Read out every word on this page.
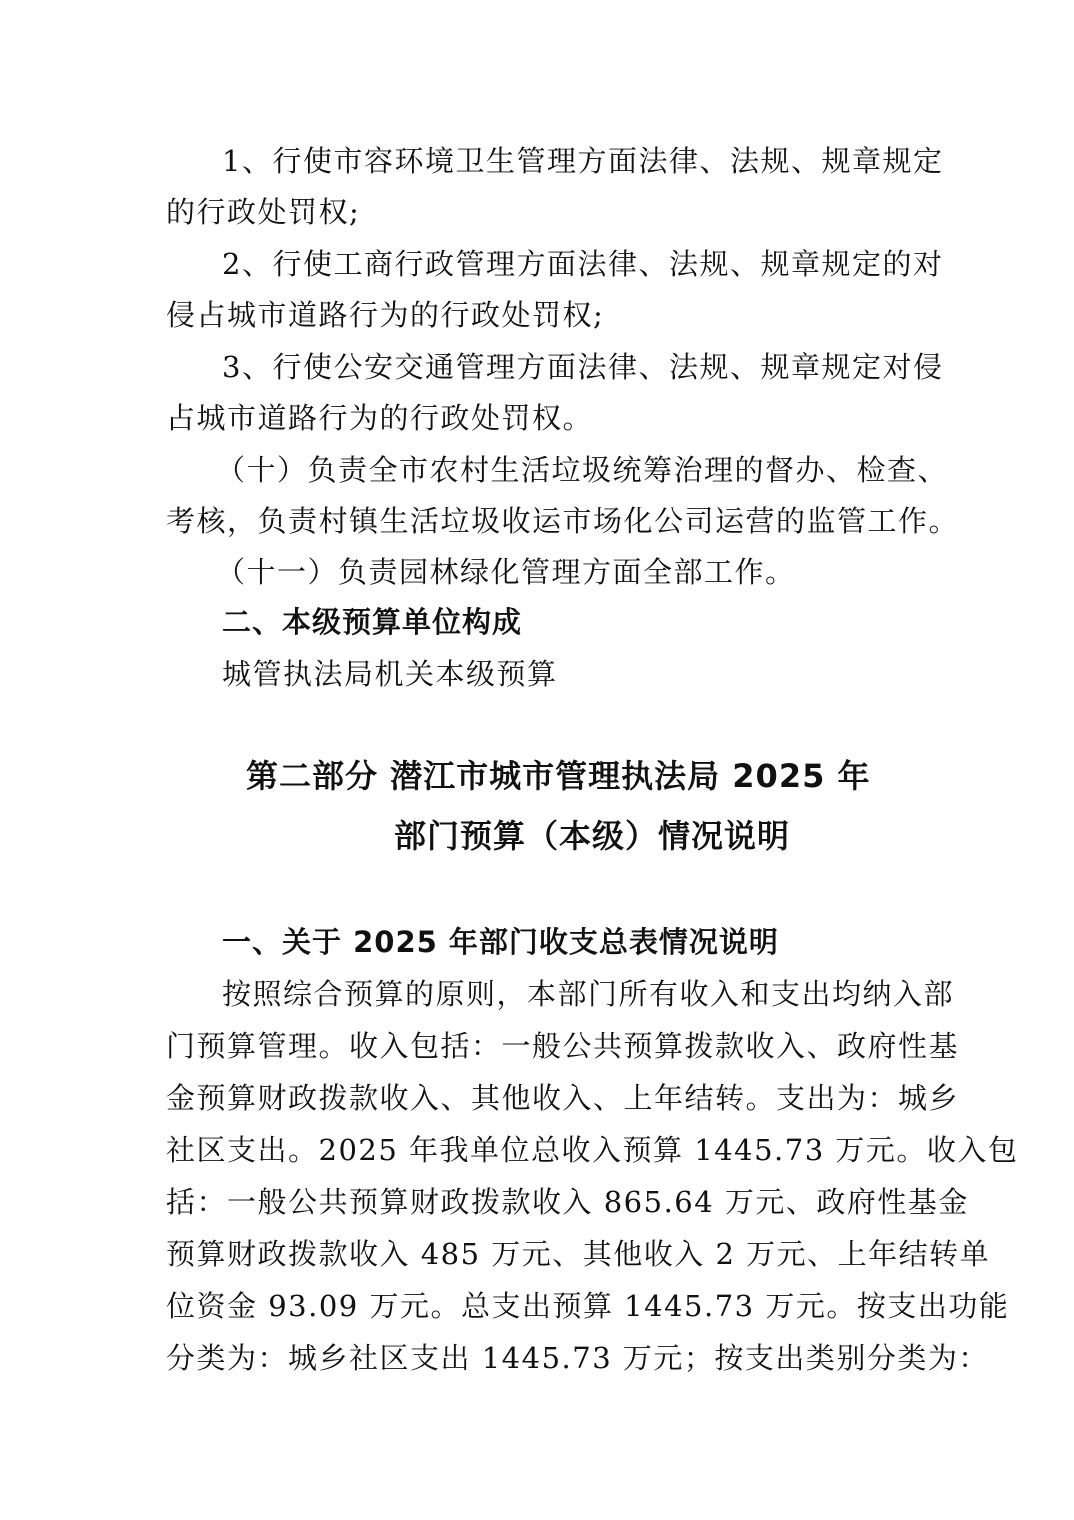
1、行使市容环境卫生管理方面法律、法规、规章规定
的行政处罚权;
2、行使工商行政管理方面法律、法规、规章规定的对
侵占城市道路行为的行政处罚权;
3、行使公安交通管理方面法律、法规、规章规定对侵
占城市道路行为的行政处罚权。
（十）负责全市农村生活垃圾统筹治理的督办、检查、
考核，负责村镇生活垃圾收运市场化公司运营的监管工作。
（十一）负责园林绿化管理方面全部工作。
二、本级预算单位构成
城管执法局机关本级预算
第二部分 潜江市城市管理执法局 2025 年
部门预算（本级）情况说明
一、关于 2025 年部门收支总表情况说明
按照综合预算的原则，本部门所有收入和支出均纳入部
门预算管理。收入包括：一般公共预算拨款收入、政府性基
金预算财政拨款收入、其他收入、上年结转。支出为：城乡
社区支出。2025 年我单位总收入预算 1445.73 万元。收入包
括：一般公共预算财政拨款收入 865.64 万元、政府性基金
预算财政拨款收入 485 万元、其他收入 2 万元、上年结转单
位资金 93.09 万元。总支出预算 1445.73 万元。按支出功能
分类为：城乡社区支出 1445.73 万元；按支出类别分类为：
